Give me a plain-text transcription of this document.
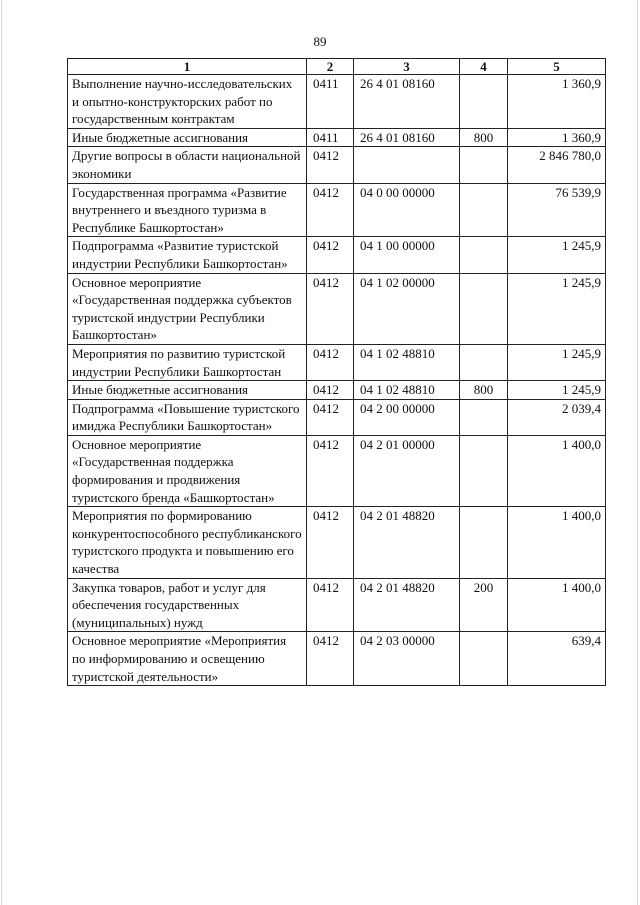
89
1	2	3	4	5
Выполнение научно-исследовательских и опытно-конструкторских работ по государственным контрактам	0411	26 4 01 08160		1 360,9
Иные бюджетные ассигнования	0411	26 4 01 08160	800	1 360,9
Другие вопросы в области национальной экономики	0412			2 846 780,0
Государственная программа «Развитие внутреннего и въездного туризма в Республике Башкортостан»	0412	04 0 00 00000		76 539,9
Подпрограмма «Развитие туристской индустрии Республики Башкортостан»	0412	04 1 00 00000		1 245,9
Основное мероприятие «Государственная поддержка субъектов туристской индустрии Республики Башкортостан»	0412	04 1 02 00000		1 245,9
Мероприятия по развитию туристской индустрии Республики Башкортостан	0412	04 1 02 48810		1 245,9
Иные бюджетные ассигнования	0412	04 1 02 48810	800	1 245,9
Подпрограмма «Повышение туристского имиджа Республики Башкортостан»	0412	04 2 00 00000		2 039,4
Основное мероприятие «Государственная поддержка формирования и продвижения туристского бренда «Башкортостан»	0412	04 2 01 00000		1 400,0
Мероприятия по формированию конкурентоспособного республиканского туристского продукта и повышению его качества	0412	04 2 01 48820		1 400,0
Закупка товаров, работ и услуг для обеспечения государственных (муниципальных) нужд	0412	04 2 01 48820	200	1 400,0
Основное мероприятие «Мероприятия по информированию и освещению туристской деятельности»	0412	04 2 03 00000		639,4
